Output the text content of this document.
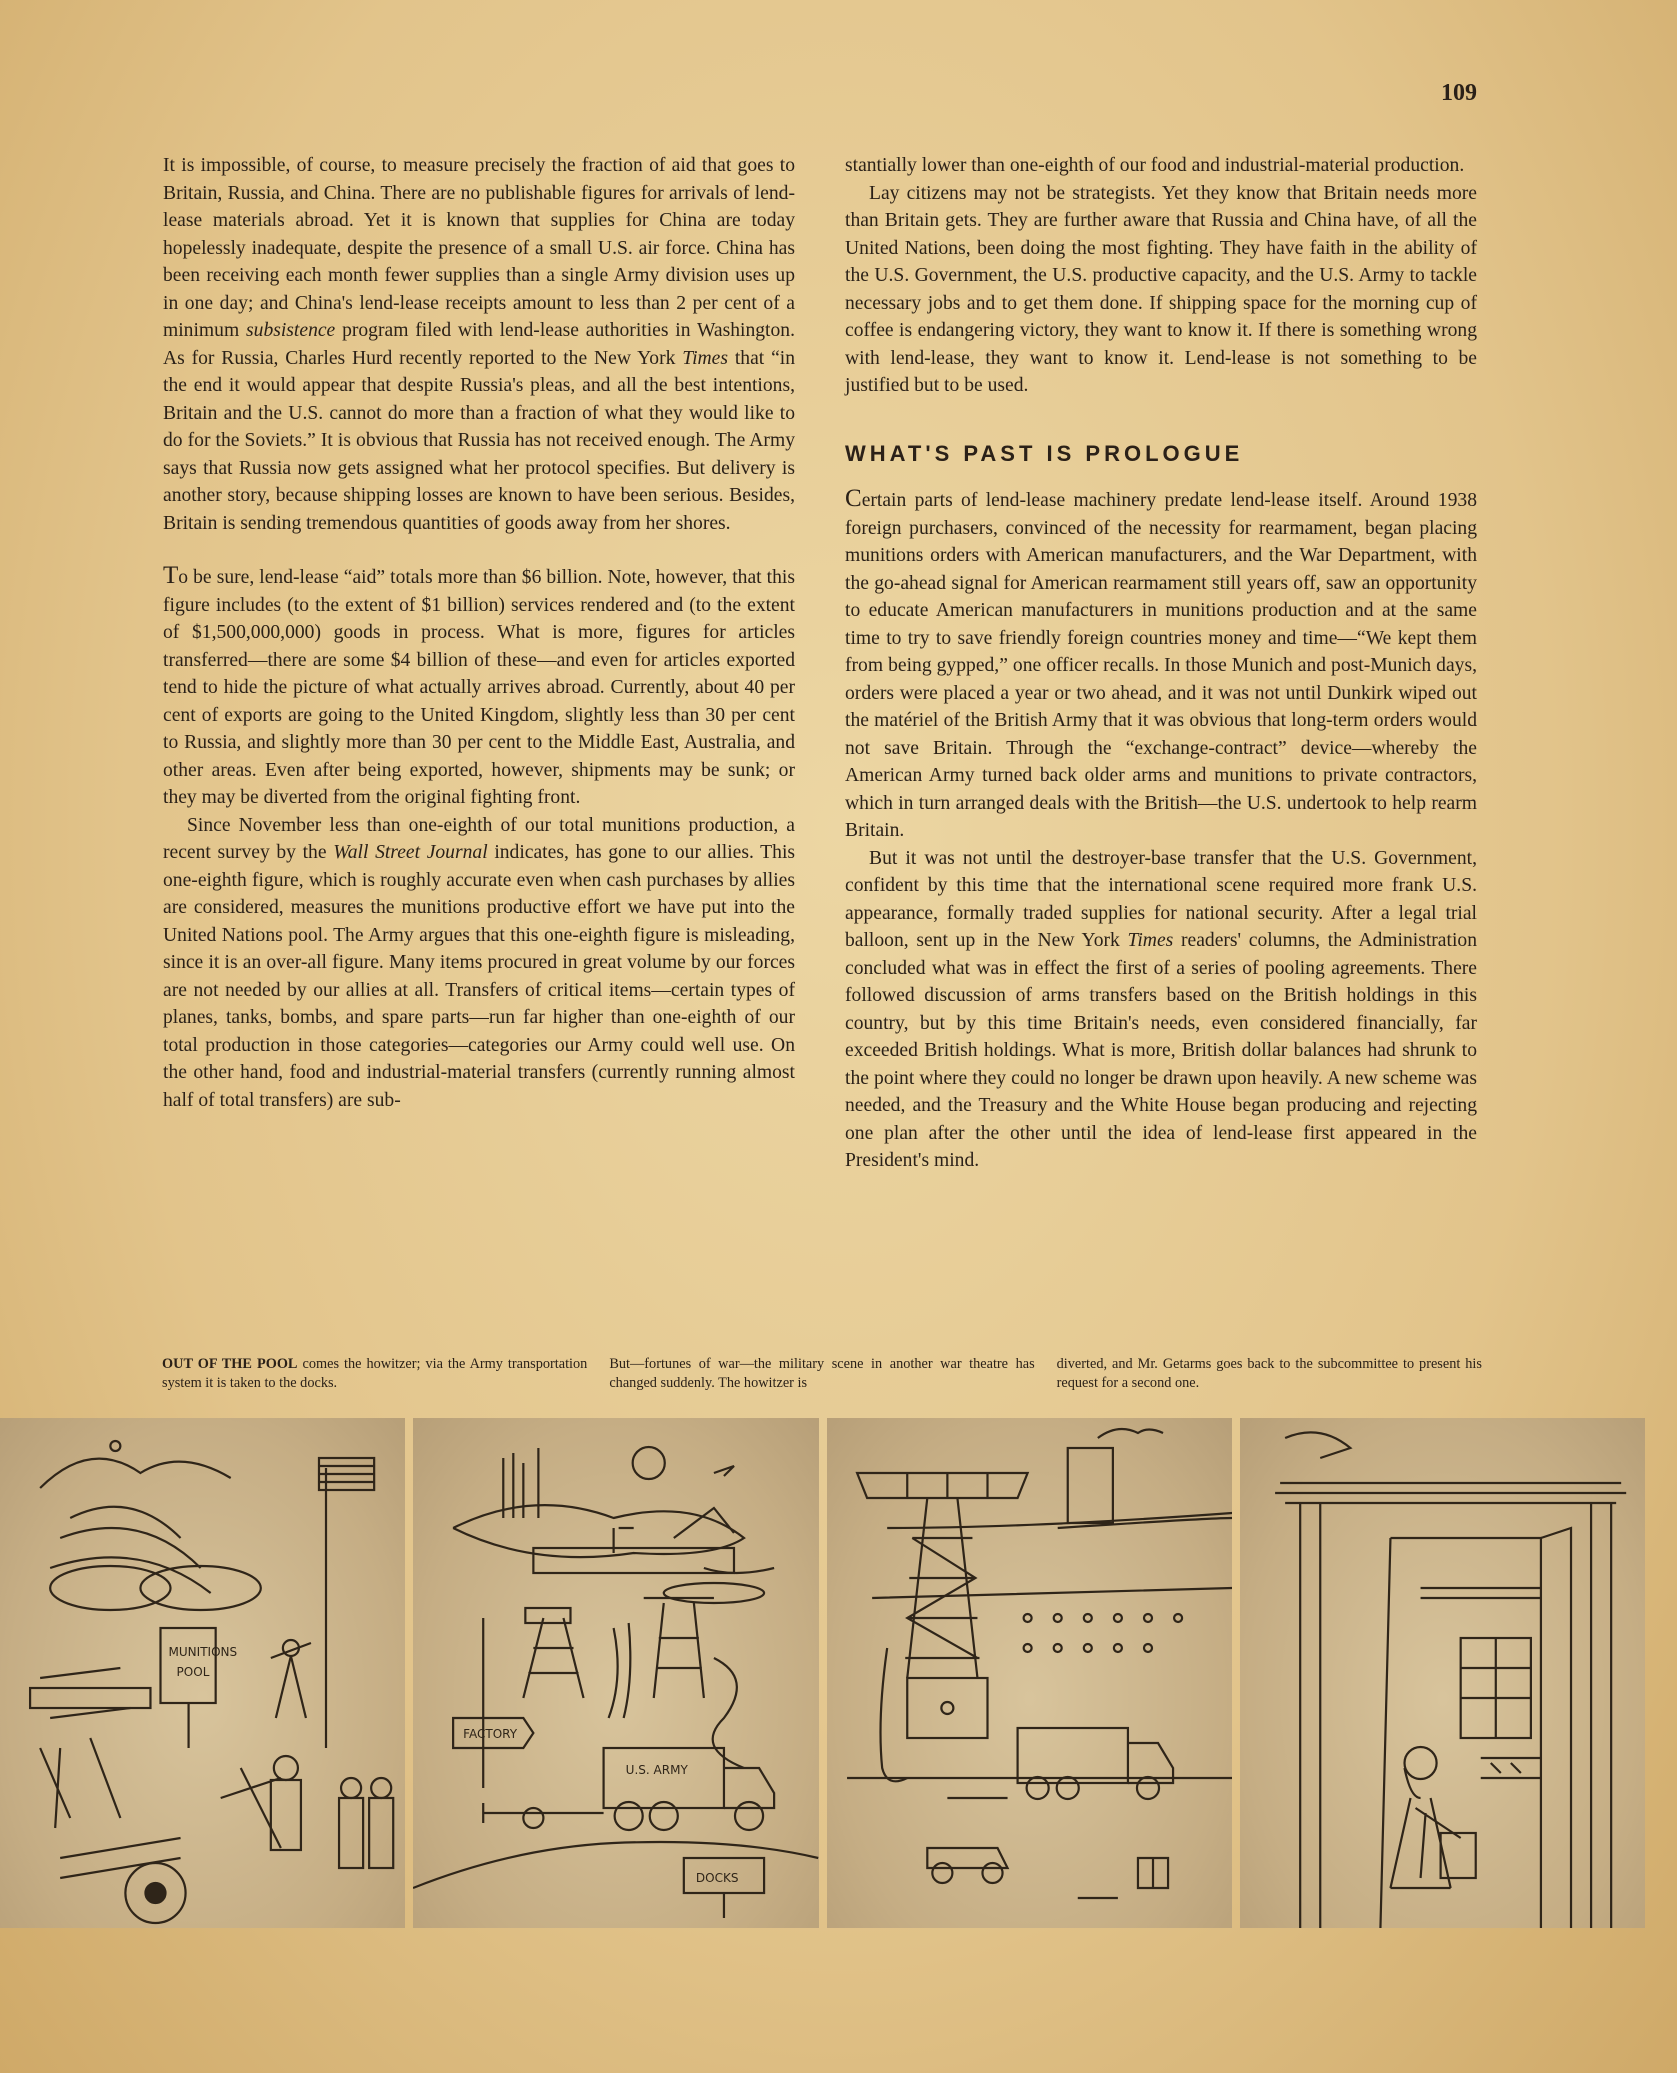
109

It is impossible, of course, to measure precisely the fraction of aid that goes to Britain, Russia, and China. There are no publishable figures for arrivals of lend-lease materials abroad. Yet it is known that supplies for China are today hopelessly inadequate, despite the presence of a small U.S. air force. China has been receiving each month fewer supplies than a single Army division uses up in one day; and China's lend-lease receipts amount to less than 2 per cent of a minimum subsistence program filed with lend-lease authorities in Washington. As for Russia, Charles Hurd recently reported to the New York Times that “in the end it would appear that despite Russia's pleas, and all the best intentions, Britain and the U.S. cannot do more than a fraction of what they would like to do for the Soviets.” It is obvious that Russia has not received enough. The Army says that Russia now gets assigned what her protocol specifies. But delivery is another story, because shipping losses are known to have been serious. Besides, Britain is sending tremendous quantities of goods away from her shores.

To be sure, lend-lease “aid” totals more than $6 billion. Note, however, that this figure includes (to the extent of $1 billion) services rendered and (to the extent of $1,500,000,000) goods in process. What is more, figures for articles transferred—there are some $4 billion of these—and even for articles exported tend to hide the picture of what actually arrives abroad. Currently, about 40 per cent of exports are going to the United Kingdom, slightly less than 30 per cent to Russia, and slightly more than 30 per cent to the Middle East, Australia, and other areas. Even after being exported, however, shipments may be sunk; or they may be diverted from the original fighting front.

Since November less than one-eighth of our total munitions production, a recent survey by the Wall Street Journal indicates, has gone to our allies. This one-eighth figure, which is roughly accurate even when cash purchases by allies are considered, measures the munitions productive effort we have put into the United Nations pool. The Army argues that this one-eighth figure is misleading, since it is an over-all figure. Many items procured in great volume by our forces are not needed by our allies at all. Transfers of critical items—certain types of planes, tanks, bombs, and spare parts—run far higher than one-eighth of our total production in those categories—categories our Army could well use. On the other hand, food and industrial-material transfers (currently running almost half of total transfers) are sub-

stantially lower than one-eighth of our food and industrial-material production.

Lay citizens may not be strategists. Yet they know that Britain needs more than Britain gets. They are further aware that Russia and China have, of all the United Nations, been doing the most fighting. They have faith in the ability of the U.S. Government, the U.S. productive capacity, and the U.S. Army to tackle necessary jobs and to get them done. If shipping space for the morning cup of coffee is endangering victory, they want to know it. If there is something wrong with lend-lease, they want to know it. Lend-lease is not something to be justified but to be used.

WHAT'S PAST IS PROLOGUE

Certain parts of lend-lease machinery predate lend-lease itself. Around 1938 foreign purchasers, convinced of the necessity for rearmament, began placing munitions orders with American manufacturers, and the War Department, with the go-ahead signal for American rearmament still years off, saw an opportunity to educate American manufacturers in munitions production and at the same time to try to save friendly foreign countries money and time—“We kept them from being gypped,” one officer recalls. In those Munich and post-Munich days, orders were placed a year or two ahead, and it was not until Dunkirk wiped out the matériel of the British Army that it was obvious that long-term orders would not save Britain. Through the “exchange-contract” device—whereby the American Army turned back older arms and munitions to private contractors, which in turn arranged deals with the British—the U.S. undertook to help rearm Britain.

But it was not until the destroyer-base transfer that the U.S. Government, confident by this time that the international scene required more frank U.S. appearance, formally traded supplies for national security. After a legal trial balloon, sent up in the New York Times readers' columns, the Administration concluded what was in effect the first of a series of pooling agreements. There followed discussion of arms transfers based on the British holdings in this country, but by this time Britain's needs, even considered financially, far exceeded British holdings. What is more, British dollar balances had shrunk to the point where they could no longer be drawn upon heavily. A new scheme was needed, and the Treasury and the White House began producing and rejecting one plan after the other until the idea of lend-lease first appeared in the President's mind.

OUT OF THE POOL comes the howitzer; via the Army transportation system it is taken to the docks.
But—fortunes of war—the military scene in another war theatre has changed suddenly. The howitzer is
diverted, and Mr. Getarms goes back to the subcommittee to present his request for a second one.
MUNITIONS
POOL
FACTORY
U.S. ARMY
DOCKS
